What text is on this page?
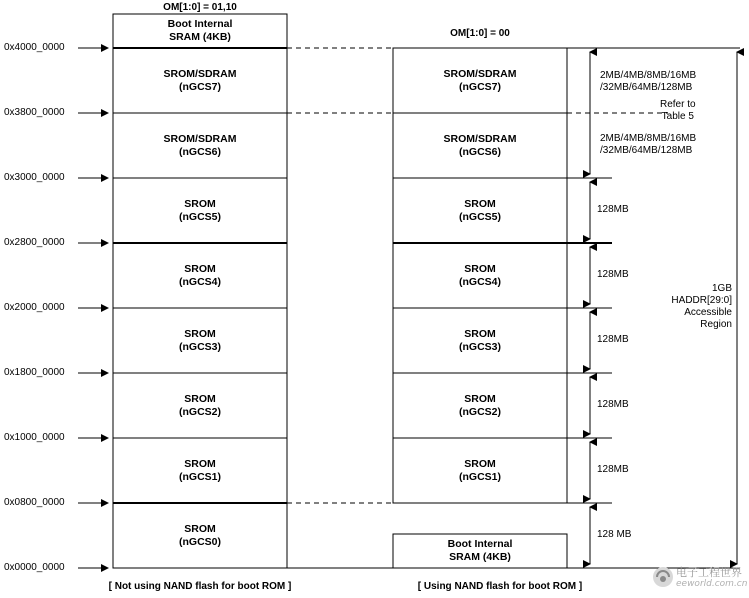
OM[1:0] = 01,10
OM[1:0] = 00
0x4000_0000
0x3800_0000
0x3000_0000
0x2800_0000
0x2000_0000
0x1800_0000
0x1000_0000
0x0800_0000
0x0000_0000
Boot Internal
SRAM (4KB)
SROM/SDRAM
(nGCS7)
SROM/SDRAM
(nGCS6)
SROM
(nGCS5)
SROM
(nGCS4)
SROM
(nGCS3)
SROM
(nGCS2)
SROM
(nGCS1)
SROM
(nGCS0)
SROM/SDRAM
(nGCS7)
SROM/SDRAM
(nGCS6)
SROM
(nGCS5)
SROM
(nGCS4)
SROM
(nGCS3)
SROM
(nGCS2)
SROM
(nGCS1)
Boot Internal
SRAM (4KB)
2MB/4MB/8MB/16MB
/32MB/64MB/128MB
Refer to
Table 5
2MB/4MB/8MB/16MB
/32MB/64MB/128MB
128MB
128MB
128MB
128MB
128MB
128 MB
1GB
HADDR[29:0]
Accessible
Region
[ Not using NAND flash for boot ROM ]	[ Using NAND flash for boot ROM ]
电子工程世界
eeworld.com.cn
